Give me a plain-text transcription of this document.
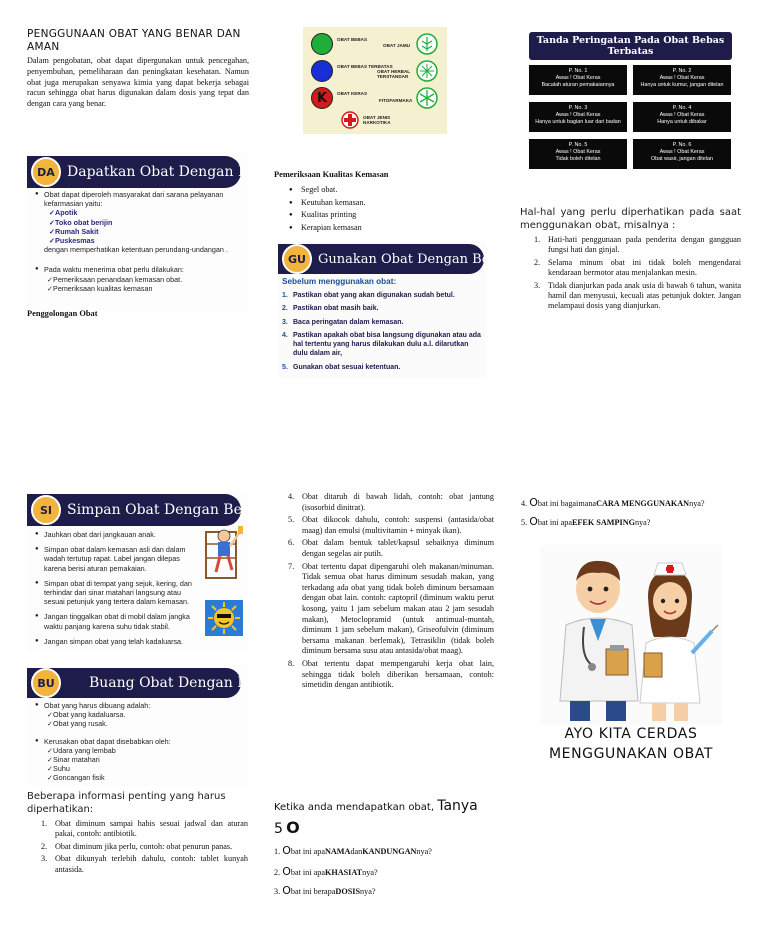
PENGGUNAAN OBAT YANG BENAR DAN AMAN
Dalam pengobatan, obat dapat dipergunakan untuk pencegahan, penyembuhan, pemeliharaan dan peningkatan kesehatan. Namun obat juga merupakan senyawa kimia yang dapat bekerja sebagai racun sehingga obat harus digunakan dalam dosis yang tepat dan dengan cara yang benar.
DA Dapatkan Obat Dengan Benar
● Obat dapat diperoleh masyarakat dari sarana pelayanan kefarmasian yaitu:
✓ Apotik
✓ Toko obat berijin
✓ Rumah Sakit
✓ Puskesmas
dengan memperhatikan ketentuan perundang-undangan .
● Pada waktu menerima obat perlu dilakukan:
✓ Pemeriksaan penandaan kemasan obat.
✓ Pemeriksaan kualitas kemasan
Penggolongan Obat
SI	Simpan Obat Dengan Benar
● Jauhkan obat dari jangkauan anak.
● Simpan obat dalam kemasan asli dan dalam wadah tertutup rapat. Label jangan dilepas karena berisi aturan pemakaian.
● Simpan obat di tempat yang sejuk, kering, dan terhindar dari sinar matahari langsung atau sesuai petunjuk yang tertera dalam kemasan.
● Jangan tinggalkan obat di mobil dalam jangka waktu panjang karena suhu tidak stabil.
● Jangan simpan obat yang telah kadaluarsa.
BU	Buang Obat Dengan Benar
● Obat yang harus dibuang adalah:
✓ Obat yang kadaluarsa.
✓ Obat yang rusak.
● Kerusakan obat dapat disebabkan oleh:
✓ Udara yang lembab
✓ Sinar matahari
✓ Suhu
✓ Goncangan fisik
Beberapa informasi penting yang harus diperhatikan:
1. Obat diminum sampai habis sesuai jadwal dan aturan pakai, contoh: antibiotik.
2. Obat diminum jika perlu, contoh: obat penurun panas.
3. Obat dikunyah terlebih dahulu, contoh: tablet kunyah antasida.
OBAT BEBAS
OBAT JAMU
OBAT BEBAS TERBATAS
OBAT HERBAL TERSTANDAR
K	OBAT KERAS
FITOFARMAKA
OBAT JENIS NARKOTIKA
Pemeriksaan Kualitas Kemasan
● Segel obat.
● Keutuhan kemasan.
● Kualitas printing
● Kerapian kemasan
GU Gunakan Obat Dengan Benar
Sebelum menggunakan obat:
1. Pastikan obat yang akan digunakan sudah betul.
2. Pastikan obat masih baik.
3. Baca peringatan dalam kemasan.
4. Pastikan apakah obat bisa langsung digunakan atau ada hal tertentu yang harus dilakukan dulu a.l. dilarutkan dulu dalam air,
5. Gunakan obat sesuai ketentuan.
4. Obat ditaruh di bawah lidah, contoh: obat jantung (isosorbid dinitrat).
5. Obat dikocok dahulu, contoh: suspensi (antasida/obat maag) dan emulsi (multivitamin + minyak ikan).
6. Obat dalam bentuk tablet/kapsul sebaiknya diminum dengan segelas air putih.
7. Obat tertentu dapat dipengaruhi oleh makanan/minuman. Tidak semua obat harus diminum sesudah makan, yang terkadang ada obat yang tidak boleh diminum bersamaan dengan obat lain. contoh: captopril (diminum waktu perut kosong, yaitu 1 jam sebelum makan atau 2 jam sesudah makan), Metoclopramid (untuk antimual-muntah, diminum 1 jam sebelum makan), Griseofulvin (diminum bersama makanan berlemak), Tetrasiklin (tidak boleh diminum bersama susu atau antasida/obat maag).
8. Obat tertentu dapat mempengaruhi kerja obat lain, sehingga tidak boleh diberikan bersamaan, contoh: simetidin dengan antibiotik.
Ketika anda mendapatkan obat, Tanya
5 O
1.
O bat ini apa NAMA dan KANDUNGAN nya?
2.
O bat ini apa KHASIAT nya?
3.
O bat ini berapa DOSIS nya?
Tanda Peringatan Pada Obat Bebas Terbatas
P. No. 1
Awas ! Obat Keras
Bacalah aturan pemakaiannya
P. No. 2
Awas ! Obat Keras
Hanya untuk kumur, jangan ditelan
P. No. 3
Awas ! Obat Keras
Hanya untuk bagian luar dari badan
P. No. 4
Awas ! Obat Keras
Hanya untuk dibakar
P. No. 5
Awas ! Obat Keras
Tidak boleh ditelan
P. No. 6
Awas ! Obat Keras
Obat wasir, jangan ditelan
Hal-hal yang perlu diperhatikan pada saat menggunakan obat, misalnya :
1. Hati-hati penggunaan pada penderita dengan gangguan fungsi hati dan ginjal.
2. Selama minum obat ini tidak boleh mengendarai kendaraan bermotor atau menjalankan mesin.
3. Tidak dianjurkan pada anak usia di bawah 6 tahun, wanita hamil dan menyusui, kecuali atas petunjuk dokter. Jangan melampaui dosis yang dianjurkan.
4.
O bat ini bagaimana CARA MENGGUNAKAN nya?
5.
O bat ini apa EFEK SAMPING nya?
AYO KITA CERDAS MENGGUNAKAN OBAT
